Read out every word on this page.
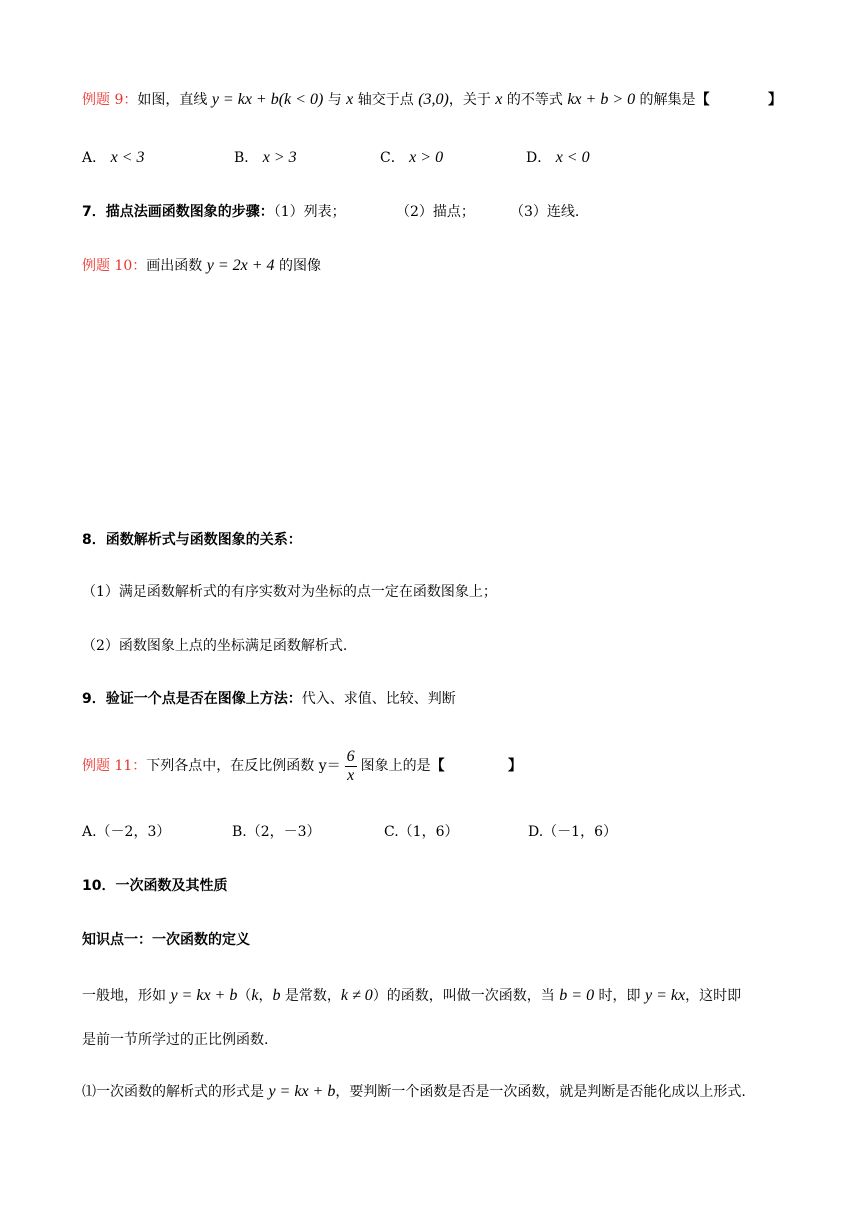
例题 9：如图，直线 y = kx + b(k < 0) 与 x 轴交于点 (3,0)，关于 x 的不等式 kx + b > 0 的解集是【	】
A． x < 3	B． x > 3	C． x > 0	D． x < 0
7．描点法画函数图象的步骤：（1）列表；	（2）描点；	（3）连线.
例题 10：画出函数 y = 2x + 4 的图像
8．函数解析式与函数图象的关系：
（1）满足函数解析式的有序实数对为坐标的点一定在函数图象上；
（2）函数图象上点的坐标满足函数解析式.
9．验证一个点是否在图像上方法：代入、求值、比较、判断
例题 11：下列各点中，在反比例函数 $y= \frac{6}{x}$ 图象上的是【	】
A.（－2，3）	B.（2，－3）	C.（1，6）	D.（－1，6）
10．一次函数及其性质
知识点一：一次函数的定义
一般地，形如 y = kx + b（k，b 是常数，k ≠ 0）的函数，叫做一次函数，当 b = 0 时，即 y = kx，这时即
是前一节所学过的正比例函数.
⑴一次函数的解析式的形式是 y = kx + b，要判断一个函数是否是一次函数，就是判断是否能化成以上形式.
